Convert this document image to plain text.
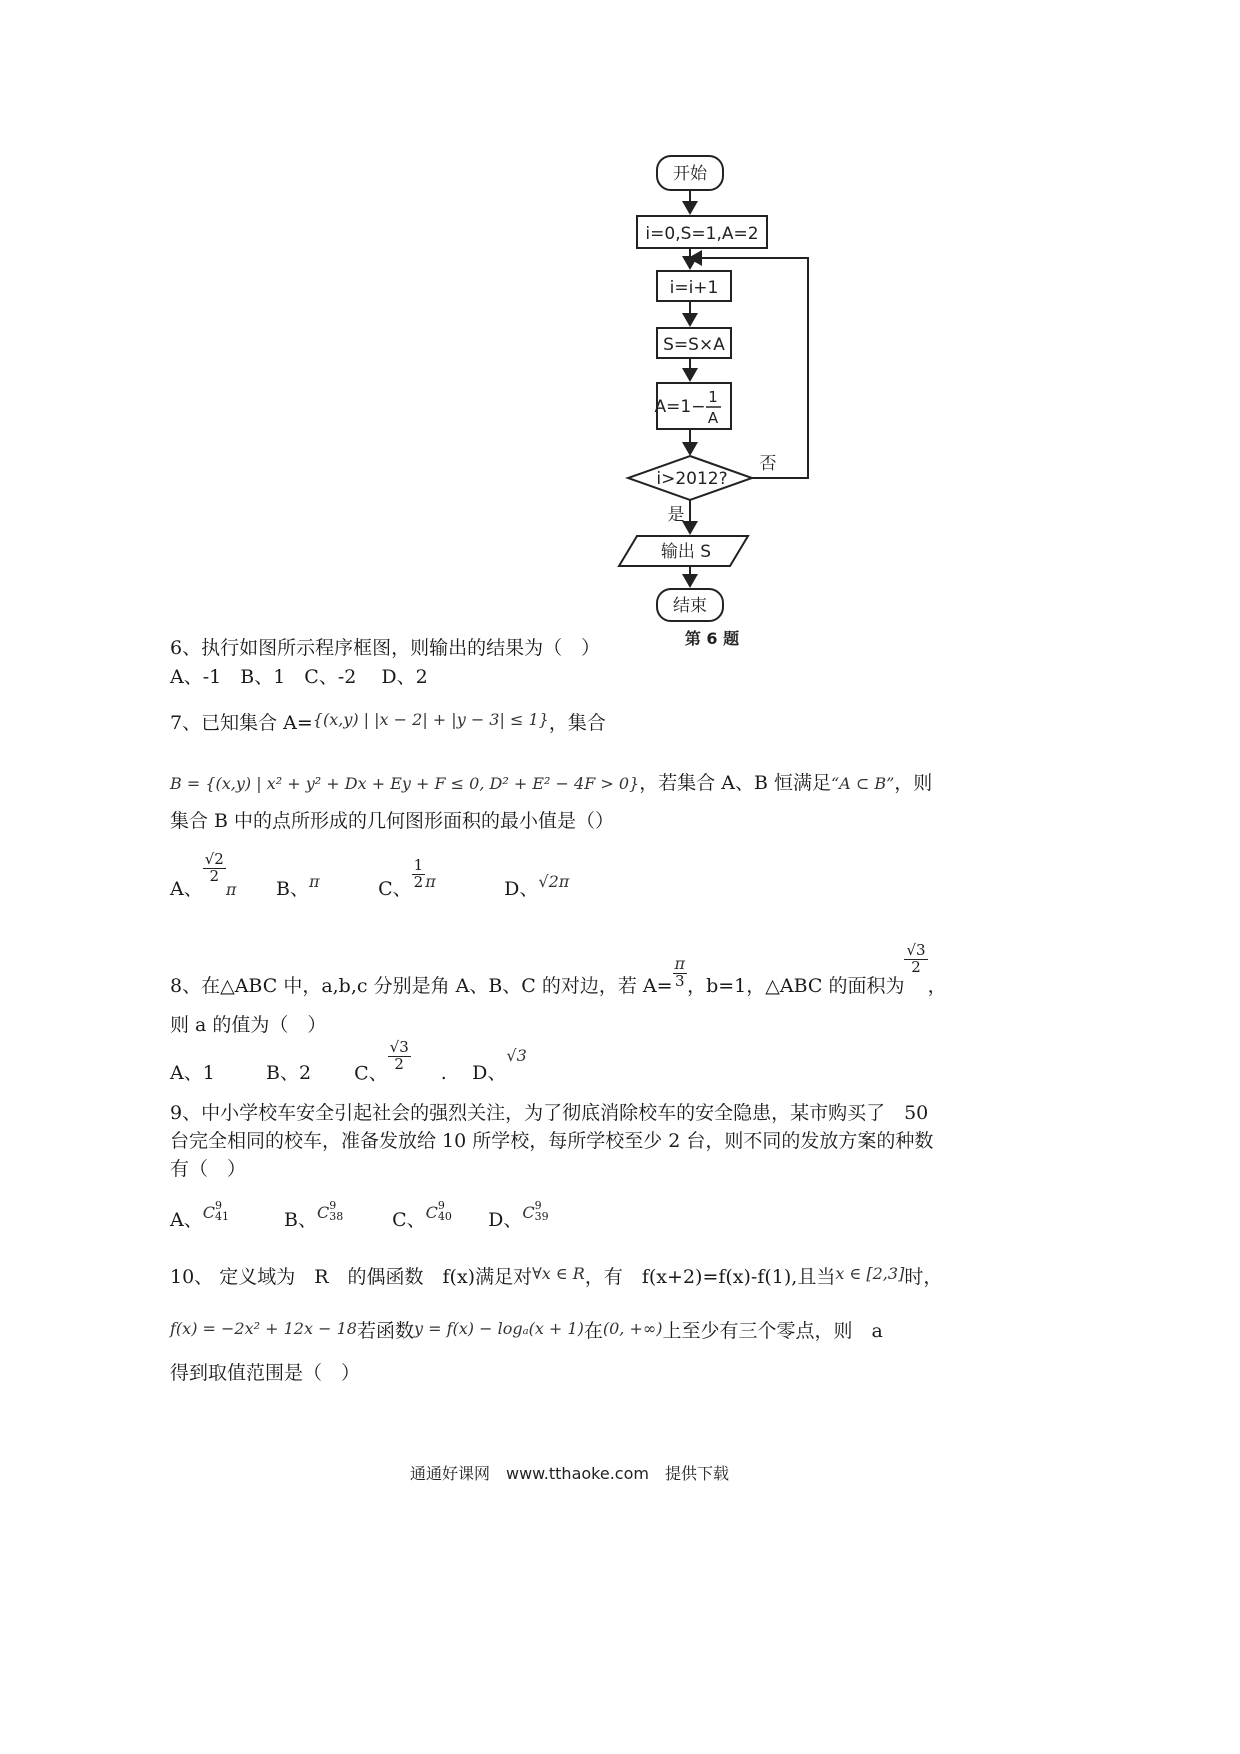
开始
i=0,S=1,A=2
i=i+1
S=S×A
A=1− 1
A
i>2012?
否
是
输出 S
结束
第 6 题
6、执行如图所示程序框图，则输出的结果为（　）
A、-1　B、1　C、-2　 D、2
7、已知集合 A=$^{\{(x,y) | |x - 2| + |y - 3| \le 1\}}$，集合
B = {(x,y) | x² + y² + Dx + Ey + F ≤ 0, D² + E² − 4F > 0}，若集合 A、B 恒满足“A ⊂ B”，则
集合 B 中的点所形成的几何图形面积的最小值是（）
A、
$\frac{√2}{2}$
π B、$^\pi$	C、 $\frac{1}{2} ^\pi$	D、$^{√2\pi}$
8、在△ABC 中，a,b,c 分别是角 A、B、C 的对边，若 $A= \frac{\pi}{3}$ ，b=1，△ABC 的面积为
$\frac{√3}{2}$
，
则 a 的值为（　）
A、1	B、2 C、
$\frac{√3}{2}$
. D、√3
9、中小学校车安全引起社会的强烈关注，为了彻底消除校车的安全隐患，某市购买了　50
台完全相同的校车，准备发放给 10 所学校，每所学校至少 2 台，则不同的发放方案的种数
有（　）
A、C 9
41	B、C 9
38	C、C 9
40 D、C 9
39
10、 定义域为　R　的偶函数　f(x)满足对$^{\forall x \in R}$，有　f(x+2)=f(x)-f(1),且当$^{x \in [2,3]}$时，
f(x) = −2x² + 12x − 18若函数y = f(x) − logₐ(x + 1)在(0, +∞)上至少有三个零点，则　a
得到取值范围是（　）
通通好课网　www.tthaoke.com　提供下载
